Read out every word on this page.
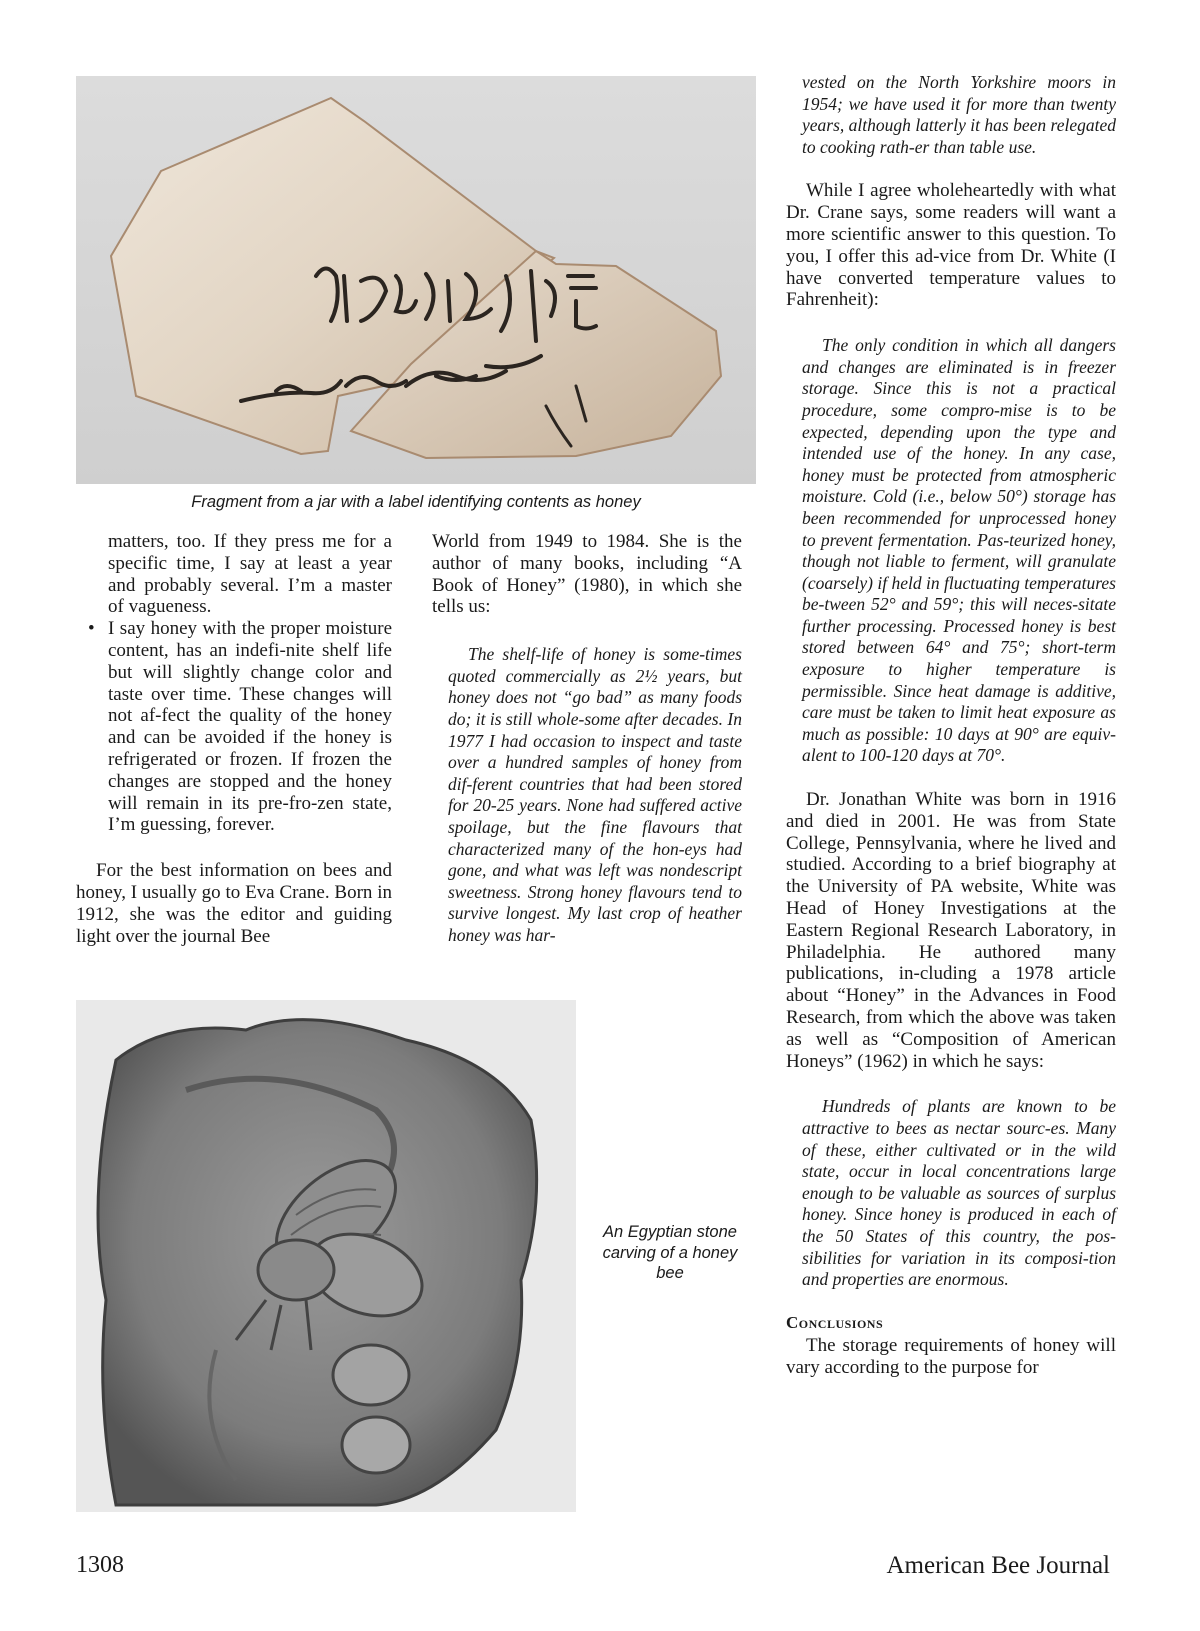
Fragment from a jar with a label identifying contents as honey
matters, too. If they press me for a specific time, I say at least a year and probably several. I’m a master of vagueness.
• I say honey with the proper moisture content, has an indefi-nite shelf life but will slightly change color and taste over time. These changes will not af-fect the quality of the honey and can be avoided if the honey is refrigerated or frozen. If frozen the changes are stopped and the honey will remain in its pre-fro-zen state, I’m guessing, forever.

For the best information on bees and honey, I usually go to Eva Crane. Born in 1912, she was the editor and guiding light over the journal Bee

World from 1949 to 1984. She is the author of many books, including “A Book of Honey” (1980), in which she tells us:

The shelf-life of honey is some-times quoted commercially as 2½ years, but honey does not “go bad” as many foods do; it is still whole-some after decades. In 1977 I had occasion to inspect and taste over a hundred samples of honey from dif-ferent countries that had been stored for 20-25 years. None had suffered active spoilage, but the fine flavours that characterized many of the hon-eys had gone, and what was left was nondescript sweetness. Strong honey flavours tend to survive longest. My last crop of heather honey was har-

An Egyptian stone carving of a honey bee

vested on the North Yorkshire moors in 1954; we have used it for more than twenty years, although latterly it has been relegated to cooking rath-er than table use.

While I agree wholeheartedly with what Dr. Crane says, some readers will want a more scientific answer to this question. To you, I offer this ad-vice from Dr. White (I have converted temperature values to Fahrenheit):

The only condition in which all dangers and changes are eliminated is in freezer storage. Since this is not a practical procedure, some compro-mise is to be expected, depending upon the type and intended use of the honey. In any case, honey must be protected from atmospheric moisture. Cold (i.e., below 50°) storage has been recommended for unprocessed honey to prevent fermentation. Pas-teurized honey, though not liable to ferment, will granulate (coarsely) if held in fluctuating temperatures be-tween 52° and 59°; this will neces-sitate further processing. Processed honey is best stored between 64° and 75°; short-term exposure to higher temperature is permissible. Since heat damage is additive, care must be taken to limit heat exposure as much as possible: 10 days at 90° are equiv-alent to 100-120 days at 70°.

Dr. Jonathan White was born in 1916 and died in 2001. He was from State College, Pennsylvania, where he lived and studied. According to a brief biography at the University of PA website, White was Head of Honey Investigations at the Eastern Regional Research Laboratory, in Philadelphia. He authored many publications, in-cluding a 1978 article about “Honey” in the Advances in Food Research, from which the above was taken as well as “Composition of American Honeys” (1962) in which he says:

Hundreds of plants are known to be attractive to bees as nectar sourc-es. Many of these, either cultivated or in the wild state, occur in local concentrations large enough to be valuable as sources of surplus honey. Since honey is produced in each of the 50 States of this country, the pos-sibilities for variation in its composi-tion and properties are enormous.

Conclusions

The storage requirements of honey will vary according to the purpose for

1308	American Bee Journal
